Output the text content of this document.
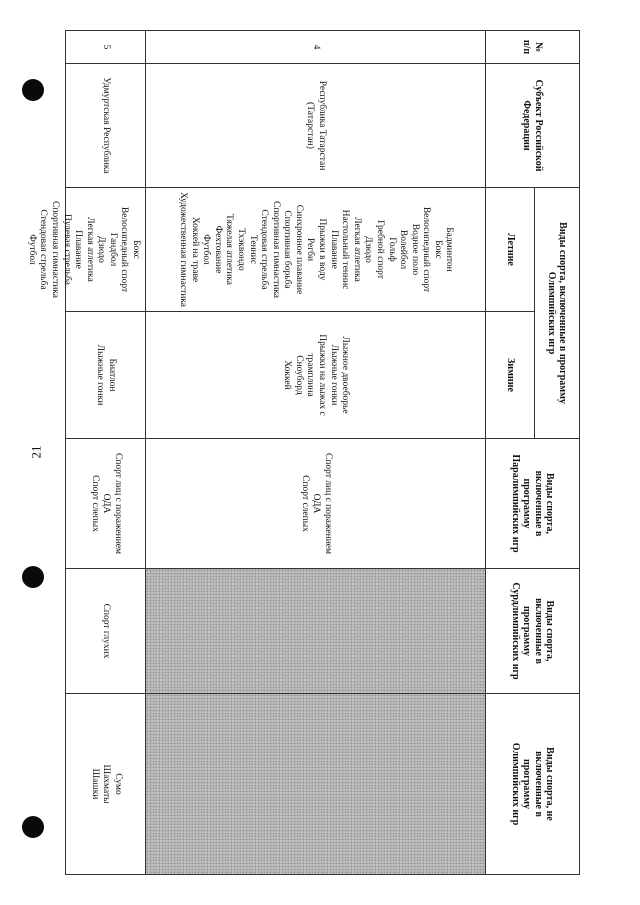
21
№
п/п
Субъект Российской
Федерации
Виды спорта, включенные в программу
Олимпийских игр
Летние
Зимние
Виды спорта,
включенные в
программу
Паралимпийских игр
Виды спорта,
включенные в
программу
Сурдлимпийских игр
Виды спорта, не
включенные в
программу
Олимпийских игр
4
Республика Татарстан
(Татарстан)
Бадминтон
Бокс
Велосипедный спорт
Водное поло
Волейбол
Гольф
Гребной спорт
Дзюдо
Легкая атлетика
Настольный теннис
Плавание
Прыжки в воду
Регби
Синхронное плавание
Спортивная борьба
Спортивная гимнастика
Стендовая стрельба
Теннис
Тхэквондо
Тяжелая атлетика
Фехтование
Футбол
Хоккей на траве
Художественная гимнастика
Лыжное двоеборье
Лыжные гонки
Прыжки на лыжах с
трамплина
Сноуборд
Хоккей
Спорт лиц с поражением
ОДА
Спорт слепых
5
Удмуртская Республика
Бокс
Велосипедный спорт
Гандбол
Дзюдо
Легкая атлетика
Плавание
Пулевая стрельба
Спортивная гимнастика
Стендовая стрельба
Футбол
Биатлон
Лыжные гонки
Спорт лиц с поражением
ОДА
Спорт слепых
Спорт глухих
Сумо
Шахматы
Шашки
